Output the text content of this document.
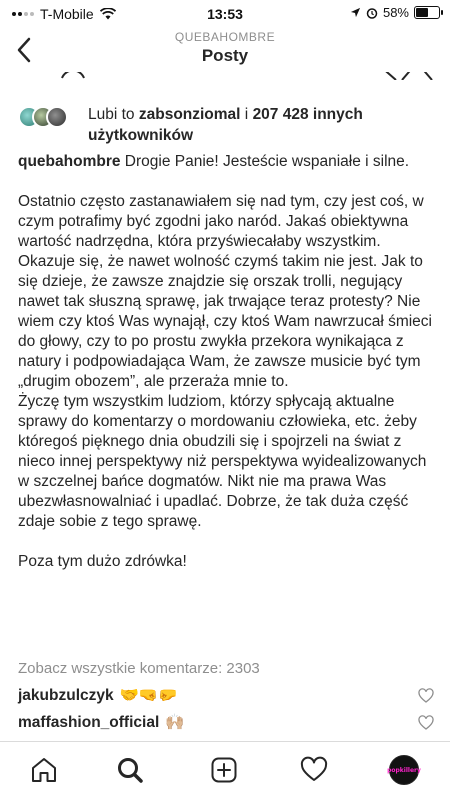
T-Mobile	13:53	58%
QUEBAHOMBRE
Posty
Lubi to zabsonziomal i 207 428 innych użytkowników

quebahombre Drogie Panie! Jesteście wspaniałe i silne.

Ostatnio często zastanawiałem się nad tym, czy jest coś, w czym potrafimy być zgodni jako naród. Jakaś obiektywna wartość nadrzędna, która przyświecałaby wszystkim.

Okazuje się, że nawet wolność czymś takim nie jest. Jak to się dzieje, że zawsze znajdzie się orszak trolli, negujący nawet tak słuszną sprawę, jak trwające teraz protesty? Nie wiem czy ktoś Was wynajął, czy ktoś Wam nawrzucał śmieci do głowy, czy to po prostu zwykła przekora wynikająca z natury i podpowiadająca Wam, że zawsze musicie być tym „drugim obozem”, ale przeraża mnie to.

Życzę tym wszystkim ludziom, którzy spłycają aktualne sprawy do komentarzy o mordowaniu człowieka, etc. żeby któregoś pięknego dnia obudzili się i spojrzeli na świat z nieco innej perspektywy niż perspektywa wyidealizowanych w szczelnej bańce dogmatów. Nikt nie ma prawa Was ubezwłasnowalniać i upadlać. Dobrze, że tak duża część zdaje sobie z tego sprawę.

Poza tym dużo zdrówka!

Zobacz wszystkie komentarze: 2303
jakubzulczyk 🤝🤜🤛
maffashion_official 🙌🏼
popkillery
